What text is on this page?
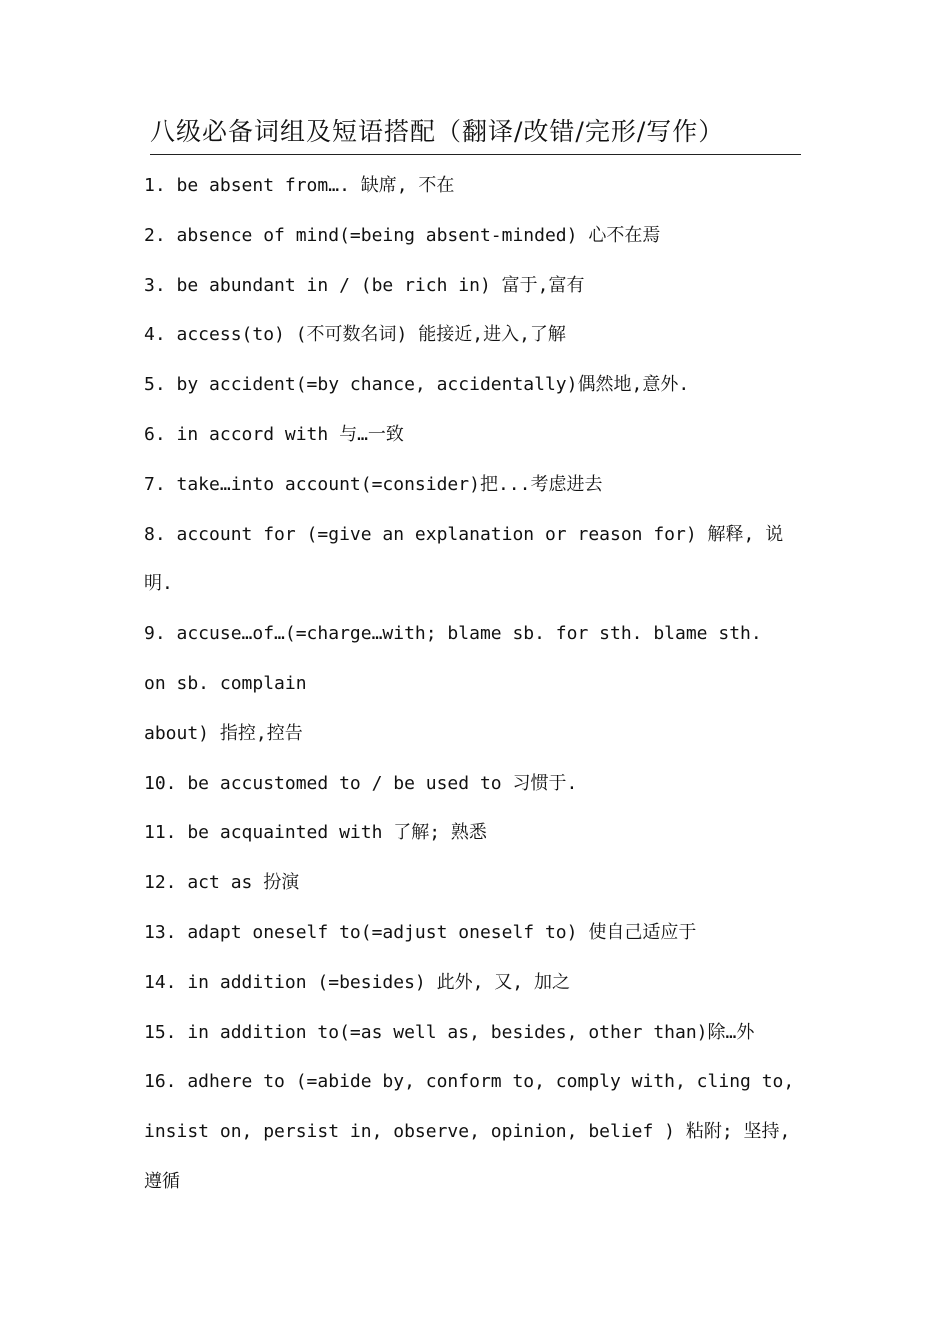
八级必备词组及短语搭配（翻译/改错/完形/写作）
1. be absent from…. 缺席, 不在
2. absence of mind(=being absent-minded) 心不在焉
3. be abundant in / (be rich in) 富于,富有
4. access(to) (不可数名词) 能接近,进入,了解
5. by accident(=by chance, accidentally)偶然地,意外.
6. in accord with 与…一致
7. take…into account(=consider)把...考虑进去
8. account for (=give an explanation or reason for) 解释, 说
明.
9. accuse…of…(=charge…with; blame sb. for sth. blame sth.
on sb. complain
about) 指控,控告
10. be accustomed to / be used to 习惯于.
11. be acquainted with 了解; 熟悉
12. act as 扮演
13. adapt oneself to(=adjust oneself to) 使自己适应于
14. in addition (=besides) 此外, 又, 加之
15. in addition to(=as well as, besides, other than)除…外
16. adhere to (=abide by, conform to, comply with, cling to,
insist on, persist in, observe, opinion, belief ) 粘附; 坚持,
遵循
